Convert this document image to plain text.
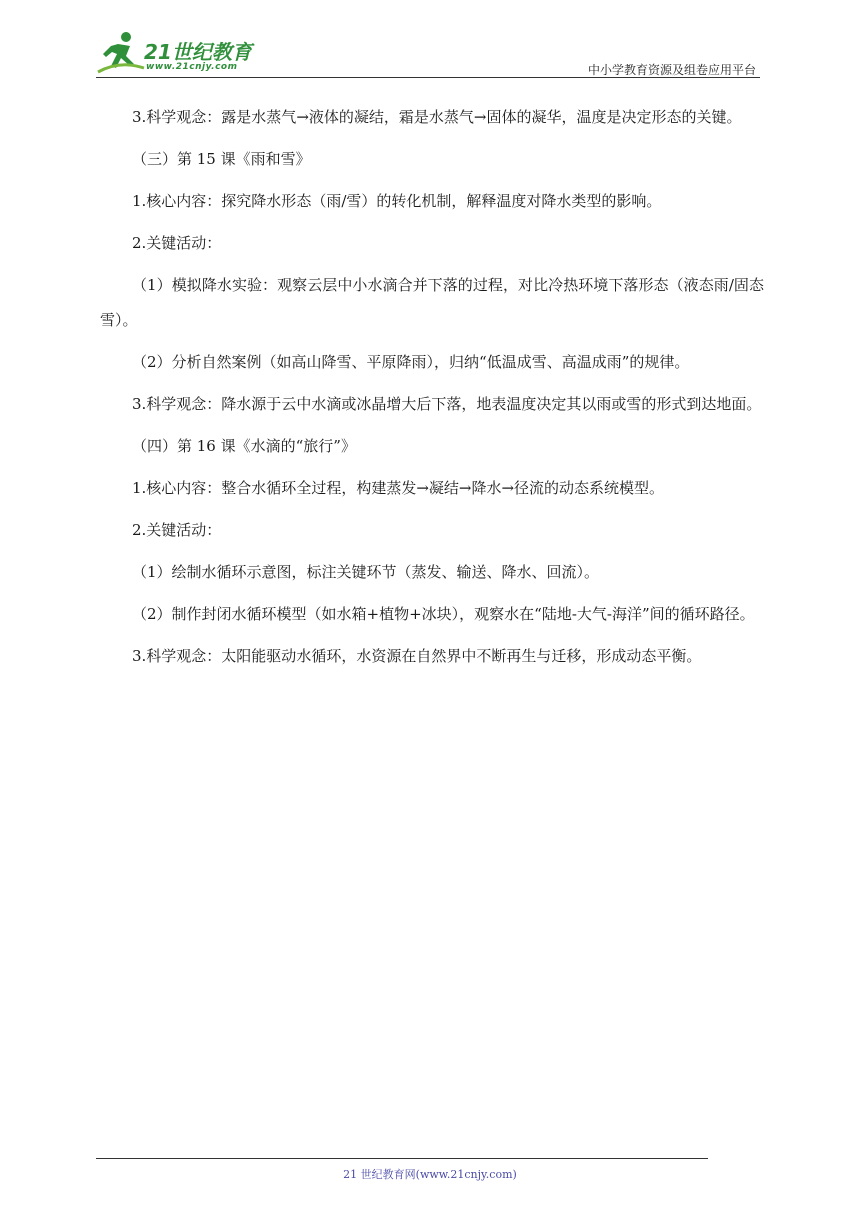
21世纪教育
www.21cnjy.com	中小学教育资源及组卷应用平台

3.科学观念：露是水蒸气→液体的凝结，霜是水蒸气→固体的凝华，温度是决定形态的关键。

（三）第 15 课《雨和雪》

1.核心内容：探究降水形态（雨/雪）的转化机制，解释温度对降水类型的影响。

2.关键活动：

（1）模拟降水实验：观察云层中小水滴合并下落的过程，对比冷热环境下落形态（液态雨/固态雪）。

（2）分析自然案例（如高山降雪、平原降雨），归纳“低温成雪、高温成雨”的规律。

3.科学观念：降水源于云中水滴或冰晶增大后下落，地表温度决定其以雨或雪的形式到达地面。

（四）第 16 课《水滴的“旅行”》

1.核心内容：整合水循环全过程，构建蒸发→凝结→降水→径流的动态系统模型。

2.关键活动：

（1）绘制水循环示意图，标注关键环节（蒸发、输送、降水、回流）。

（2）制作封闭水循环模型（如水箱+植物+冰块），观察水在“陆地-大气-海洋”间的循环路径。

3.科学观念：太阳能驱动水循环，水资源在自然界中不断再生与迁移，形成动态平衡。

21 世纪教育网(www.21cnjy.com)
